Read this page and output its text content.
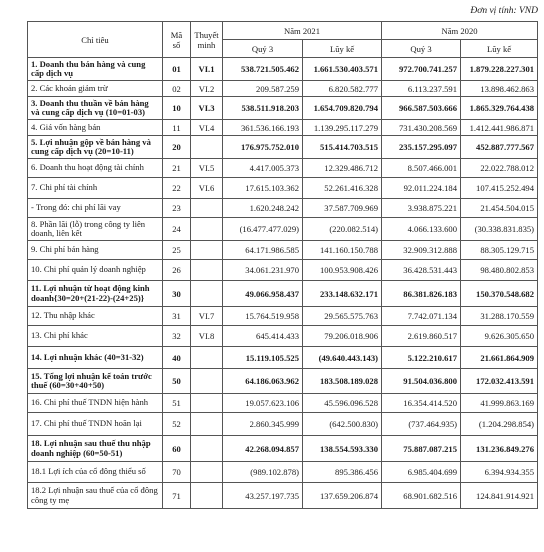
Đơn vị tính: VND
Chỉ tiêu	Mã số	Thuyết minh	Năm 2021		Năm 2020	
			Quý 3	Lũy kế	Quý 3	Lũy kế
1. Doanh thu bán hàng và cung cấp dịch vụ	01	VI.1	538.721.505.462	1.661.530.403.571	972.700.741.257	1.879.228.227.301
2. Các khoản giảm trừ	02	VI.2	209.587.259	6.820.582.777	6.113.237.591	13.898.462.863
3. Doanh thu thuần về bán hàng và cung cấp dịch vụ (10=01-03)	10	VI.3	538.511.918.203	1.654.709.820.794	966.587.503.666	1.865.329.764.438
4. Giá vốn hàng bán	11	VI.4	361.536.166.193	1.139.295.117.279	731.430.208.569	1.412.441.986.871
5. Lợi nhuận gộp về bán hàng và cung cấp dịch vụ (20=10-11)	20		176.975.752.010	515.414.703.515	235.157.295.097	452.887.777.567
6. Doanh thu hoạt động tài chính	21	VI.5	4.417.005.373	12.329.486.712	8.507.466.001	22.022.788.012
7. Chi phí tài chính	22	VI.6	17.615.103.362	52.261.416.328	92.011.224.184	107.415.252.494
- Trong đó: chi phí lãi vay	23		1.620.248.242	37.587.709.969	3.938.875.221	21.454.504.015
8. Phần lãi (lỗ) trong công ty liên doanh, liên kết	24		(16.477.477.029)	(220.082.514)	4.066.133.600	(30.338.831.835)
9. Chi phí bán hàng	25		64.171.986.585	141.160.150.788	32.909.312.888	88.305.129.715
10. Chi phí quản lý doanh nghiệp	26		34.061.231.970	100.953.908.426	36.428.531.443	98.480.802.853
11. Lợi nhuận từ hoạt động kinh doanh{30=20+(21-22)-(24+25)}	30		49.066.958.437	233.148.632.171	86.381.826.183	150.370.548.682
12. Thu nhập khác	31	VI.7	15.764.519.958	29.565.575.763	7.742.071.134	31.288.170.559
13. Chi phí khác	32	VI.8	645.414.433	79.206.018.906	2.619.860.517	9.626.305.650
14. Lợi nhuận khác (40=31-32)	40		15.119.105.525	(49.640.443.143)	5.122.210.617	21.661.864.909
15. Tổng lợi nhuận kế toán trước thuế (60=30+40+50)	50		64.186.063.962	183.508.189.028	91.504.036.800	172.032.413.591
16. Chi phí thuế TNDN hiện hành	51		19.057.623.106	45.596.096.528	16.354.414.520	41.999.863.169
17. Chi phí thuế TNDN hoãn lại	52		2.860.345.999	(642.500.830)	(737.464.935)	(1.204.298.854)
18. Lợi nhuận sau thuế thu nhập doanh nghiệp (60=50-51)	60		42.268.094.857	138.554.593.330	75.887.087.215	131.236.849.276
18.1 Lợi ích của cổ đông thiểu số	70		(989.102.878)	895.386.456	6.985.404.699	6.394.934.355
18.2 Lợi nhuận sau thuế của cổ đông công ty mẹ	71		43.257.197.735	137.659.206.874	68.901.682.516	124.841.914.921
